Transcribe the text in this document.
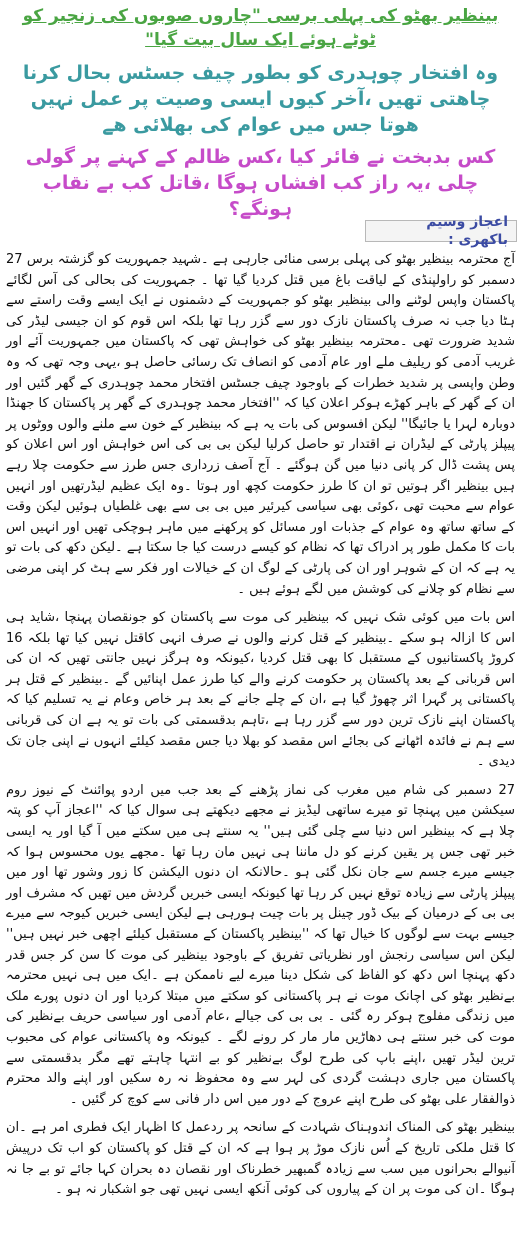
بینظیر بھٹو کی پہلی برسی "چاروں صوبوں کی زنجیر کو ٹوٹے ہوئے ایک سال بیت گیا"
وہ افتخار چوہدری کو بطور چیف جسٹس بحال کرنا چاھتی تھیں ،آخر کیوں ایسی وصیت پر عمل نہیں ھوتا جس میں عوام کی بھلائی ھے
کس بدبخت نے فائر کیا ،کس ظالم کے کہنے پر گولی چلی ،یہ راز کب افشاں ہوگا ،قاتل کب بے نقاب ہونگے؟
اعجاز وسیم باکھری :

آج محترمہ بینظیر بھٹو کی پہلی برسی منائی جارہی ہے ۔شہید جمہوریت کو گزشتہ برس 27 دسمبر کو راولپنڈی کے لیاقت باغ میں قتل کردیا گیا تھا ۔ جمہوریت کی بحالی کی آس لگائے پاکستان واپس لوٹنے والی بینظیر بھٹو کو جمہوریت کے دشمنوں نے ایک ایسے وقت راستے سے ہٹا دیا جب نہ صرف پاکستان نازک دور سے گزر رہا تھا بلکہ اس قوم کو ان جیسی لیڈر کی شدید ضرورت تھی ۔محترمہ بینظیر بھٹو کی خواہش تھی کہ پاکستان میں جمہوریت آئے اور غریب آدمی کو ریلیف ملے اور عام آدمی کو انصاف تک رسائی حاصل ہو ،یہی وجہ تھی کہ وہ وطن واپسی پر شدید خطرات کے باوجود چیف جسٹس افتخار محمد چوہدری کے گھر گئیں اور ان کے گھر کے باہر کھڑے ہوکر اعلان کیا کہ ''افتخار محمد چوہدری کے گھر پر پاکستان کا جھنڈا دوبارہ لہرا یا جائیگا'' لیکن افسوس کی بات یہ ہے کہ بینظیر کے خون سے ملنے والوں ووٹوں پر پیپلز پارٹی کے لیڈران نے اقتدار تو حاصل کرلیا لیکن بی بی کی اس خواہش اور اس اعلان کو پس پشت ڈال کر پانی دنیا میں گن ہوگئے ۔ آج آصف زرداری جس طرز سے حکومت چلا رہے ہیں بینظیر اگر ہوتیں تو ان کا طرز حکومت کچھ اور ہوتا ۔وہ ایک عظیم لیڈرتھیں اور انہیں عوام سے محبت تھی ،کوئی بھی سیاسی کیرئیر میں بی بی سے بھی غلطیاں ہوئیں لیکن وقت کے ساتھ ساتھ وہ عوام کے جذبات اور مسائل کو پرکھنے میں ماہر ہوچکی تھیں اور انہیں اس بات کا مکمل طور پر ادراک تھا کہ نظام کو کیسے درست کیا جا سکتا ہے ۔لیکن دکھ کی بات تو یہ ہے کہ ان کے شوہر اور ان کی پارٹی کے لوگ ان کے خیالات اور فکر سے ہٹ کر اپنی مرضی سے نظام کو چلانے کی کوشش میں لگے ہوئے ہیں ۔

اس بات میں کوئی شک نہیں کہ بینظیر کی موت سے پاکستان کو جونقصان پہنچا ،شاید ہی اس کا ازالہ ہو سکے ۔بینظیر کے قتل کرنے والوں نے صرف انہی کاقتل نہیں کیا تھا بلکہ 16 کروڑ پاکستانیوں کے مستقبل کا بھی قتل کردیا ،کیونکہ وہ ہرگز نہیں جانتی تھیں کہ ان کی اس قربانی کے بعد پاکستان پر حکومت کرنے والے کیا طرز عمل اپنائیں گے ۔بینظیر کے قتل ہر پاکستانی پر گہرا اثر چھوڑ گیا ہے ،ان کے چلے جانے کے بعد ہر خاص وعام نے یہ تسلیم کیا کہ پاکستان اپنے نازک ترین دور سے گزر رہا ہے ،تاہم بدقسمتی کی بات تو یہ ہے ان کی قربانی سے ہم نے فائدہ اٹھانے کی بجائے اس مقصد کو بھلا دیا جس مقصد کیلئے انہوں نے اپنی جان تک دیدی ۔

27 دسمبر کی شام میں مغرب کی نماز پڑھنے کے بعد جب میں اردو پوائنٹ کے نیوز روم سیکشن میں پہنچا تو میرے ساتھی لیڈیز نے مجھے دیکھتے ہی سوال کیا کہ ''اعجاز آپ کو پتہ چلا ہے کہ بینظیر اس دنیا سے چلی گئی ہیں'' یہ سنتے ہی میں سکتے میں آ گیا اور یہ ایسی خبر تھی جس پر یقین کرنے کو دل ماننا ہی نہیں مان رہا تھا ۔مجھے یوں محسوس ہوا کہ جیسے میرے جسم سے جان نکل گئی ہو ۔حالانکہ ان دنوں الیکشن کا زور وشور تھا اور میں پیپلز پارٹی سے زیادہ توقع نہیں کر رہا تھا کیونکہ ایسی خبریں گردش میں تھیں کہ مشرف اور بی بی کے درمیان کے بیک ڈور چینل پر بات چیت ہورہی ہے لیکن ایسی خبریں کیوجہ سے میرے جیسے بہت سے لوگوں کا خیال تھا کہ ''بینظیر پاکستان کے مستقبل کیلئے اچھی خبر نہیں ہیں'' لیکن اس سیاسی رنجش اور نظریاتی تفریق کے باوجود بینظیر کی موت کا سن کر جس قدر دکھ پہنچا اس دکھ کو الفاظ کی شکل دینا میرے لیے ناممکن ہے ۔ایک میں ہی نہیں محترمہ بےنظیر بھٹو کی اچانک موت نے ہر پاکستانی کو سکتے میں مبتلا کردیا اور ان دنوں پورے ملک میں زندگی مفلوج ہوکر رہ گئی ۔ بی بی کی جیالے ،عام آدمی اور سیاسی حریف بےنظیر کی موت کی خبر سنتے ہی دھاڑیں مار مار کر رونے لگے ۔ کیونکہ وہ پاکستانی عوام کی محبوب ترین لیڈر تھیں ،اپنے باپ کی طرح لوگ بےنظیر کو بے انتہا چاہتے تھے مگر بدقسمتی سے پاکستان میں جاری دہشت گردی کی لہر سے وہ محفوظ نہ رہ سکیں اور اپنے والد محترم ذوالفقار علی بھٹو کی طرح اپنے عروج کے دور میں اس دار فانی سے کوچ کر گئیں ۔

بینظیر بھٹو کی المناک اندوہناک شہادت کے سانحہ پر ردعمل کا اظہار ایک فطری امر ہے ۔ان کا قتل ملکی تاریخ کے اُس نازک موڑ پر ہوا ہے کہ ان کے قتل کو پاکستان کو اب تک درپیش آنیوالے بحرانوں میں سب سے زیادہ گمبھیر خطرناک اور نقصان دہ بحران کہا جائے تو بے جا نہ ہوگا ۔ان کی موت پر ان کے پیاروں کی کوئی آنکھ ایسی نہیں تھی جو اشکبار نہ ہو ۔
